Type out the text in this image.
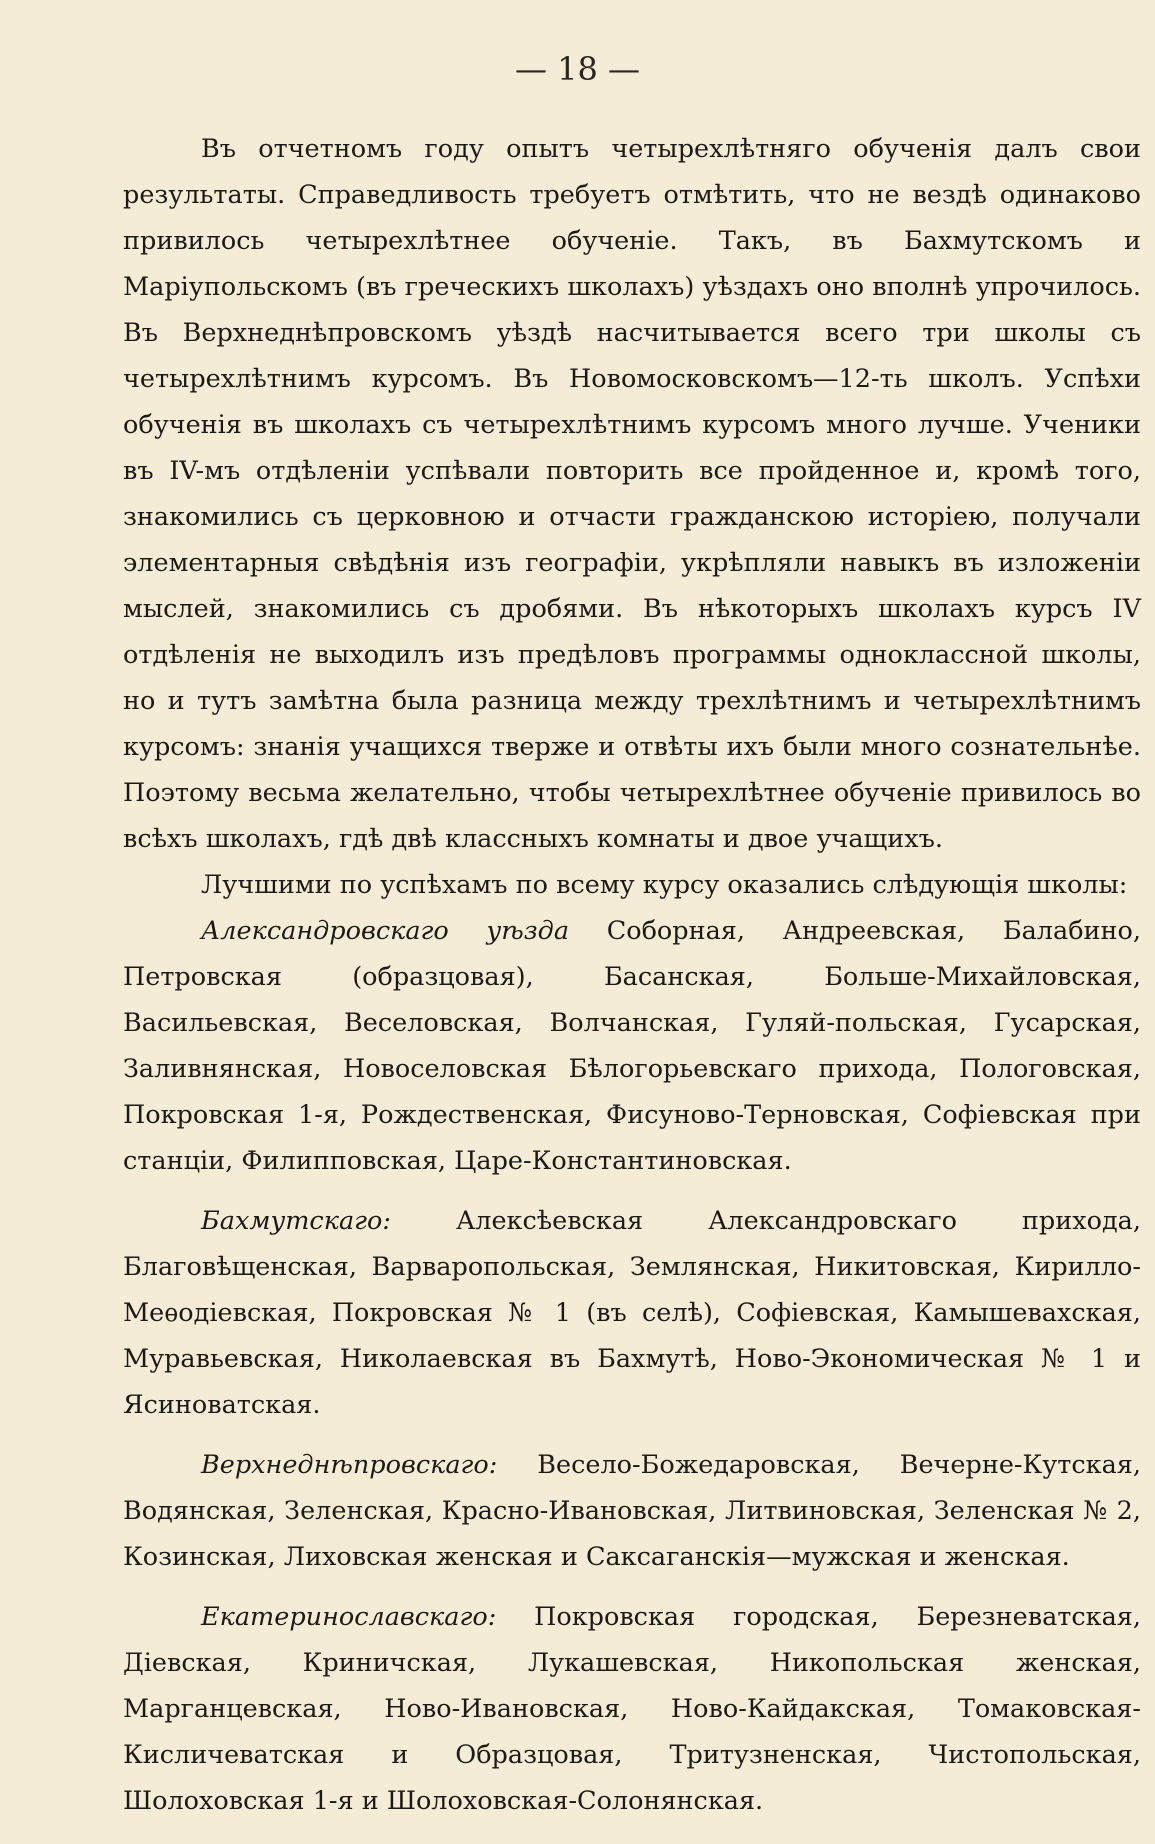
— 18 —

Въ отчетномъ году опытъ четырехлѣтняго обученія далъ свои результаты. Справедливость требуетъ отмѣтить, что не вездѣ одинаково привилось четырехлѣтнее обученіе. Такъ, въ Бахмутскомъ и Маріупольскомъ (въ греческихъ школахъ) уѣздахъ оно вполнѣ упрочилось. Въ Верхнеднѣпровскомъ уѣздѣ насчитывается всего три школы съ четырехлѣтнимъ курсомъ. Въ Новомосковскомъ—12-ть школъ. Успѣхи обученія въ школахъ съ четырехлѣтнимъ курсомъ много лучше. Ученики въ IV-мъ отдѣленіи успѣвали повторить все пройденное и, кромѣ того, знакомились съ церковною и отчасти гражданскою исторіею, получали элементарныя свѣдѣнія изъ географіи, укрѣпляли навыкъ въ изложеніи мыслей, знакомились съ дробями. Въ нѣкоторыхъ школахъ курсъ IV отдѣленія не выходилъ изъ предѣловъ программы одноклассной школы, но и тутъ замѣтна была разница между трехлѣтнимъ и четырехлѣтнимъ курсомъ: знанія учащихся тверже и отвѣты ихъ были много сознательнѣе. Поэтому весьма желательно, чтобы четырехлѣтнее обученіе привилось во всѣхъ школахъ, гдѣ двѣ классныхъ комнаты и двое учащихъ.

Лучшими по успѣхамъ по всему курсу оказались слѣдующія школы:

Александровскаго уѣзда Соборная, Андреевская, Балабино, Петровская (образцовая), Басанская, Больше-Михайловская, Васильевская, Веселовская, Волчанская, Гуляй-польская, Гусарская, Заливнянская, Новоселовская Бѣлогорьевскаго прихода, Пологовская, Покровская 1-я, Рождественская, Фисуново-Терновская, Софіевская при станціи, Филипповская, Царе-Константиновская.

Бахмутскаго: Алексѣевская Александровскаго прихода, Благовѣщенская, Варваропольская, Землянская, Никитовская, Кирилло-Меѳодіевская, Покровская № 1 (въ селѣ), Софіевская, Камышевахская, Муравьевская, Николаевская въ Бахмутѣ, Ново-Экономическая № 1 и Ясиноватская.

Верхнеднѣпровскаго: Весело-Божедаровская, Вечерне-Кутская, Водянская, Зеленская, Красно-Ивановская, Литвиновская, Зеленская № 2, Козинская, Лиховская женская и Саксаганскія—мужская и женская.

Екатеринославскаго: Покровская городская, Березневатская, Діевская, Криничская, Лукашевская, Никопольская женская, Марганцевская, Ново-Ивановская, Ново-Кайдакская, Томаковская-Кисличеватская и Образцовая, Тритузненская, Чистопольская, Шолоховская 1-я и Шолоховская-Солонянская.
